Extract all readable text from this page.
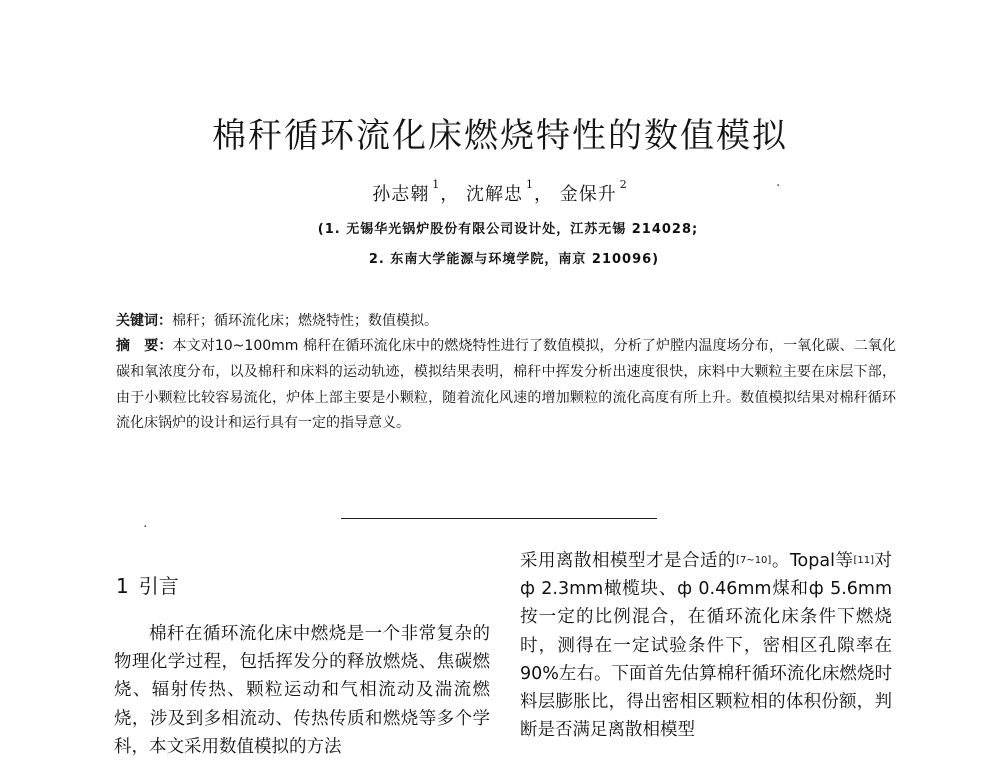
棉秆循环流化床燃烧特性的数值模拟
孙志翱 $^1$， 沈解忠 $^1$， 金保升 $^2$
(1. 无锡华光锅炉股份有限公司设计处，江苏无锡 214028;
2. 东南大学能源与环境学院，南京 210096)
关键词：棉秆；循环流化床；燃烧特性；数值模拟。
摘　要：本文对10~100mm 棉秆在循环流化床中的燃烧特性进行了数值模拟，分析了炉膛内温度场分布，一氧化碳、二氧化碳和氧浓度分布，以及棉秆和床料的运动轨迹，模拟结果表明，棉秆中挥发分析出速度很快，床料中大颗粒主要在床层下部，由于小颗粒比较容易流化，炉体上部主要是小颗粒，随着流化风速的增加颗粒的流化高度有所上升。数值模拟结果对棉秆循环流化床锅炉的设计和运行具有一定的指导意义。
·
·
1 引言
棉秆在循环流化床中燃烧是一个非常复杂的物理化学过程，包括挥发分的释放燃烧、焦碳燃烧、辐射传热、颗粒运动和气相流动及湍流燃烧，涉及到多相流动、传热传质和燃烧等多个学科，本文采用数值模拟的方法
采用离散相模型才是合适的[7~10]。Topal等[11]对ф 2.3mm橄榄块、ф 0.46mm煤和ф 5.6mm按一定的比例混合，在循环流化床条件下燃烧时，测得在一定试验条件下，密相区孔隙率在90%左右。下面首先估算棉秆循环流化床燃烧时料层膨胀比，得出密相区颗粒相的体积份额，判断是否满足离散相模型
